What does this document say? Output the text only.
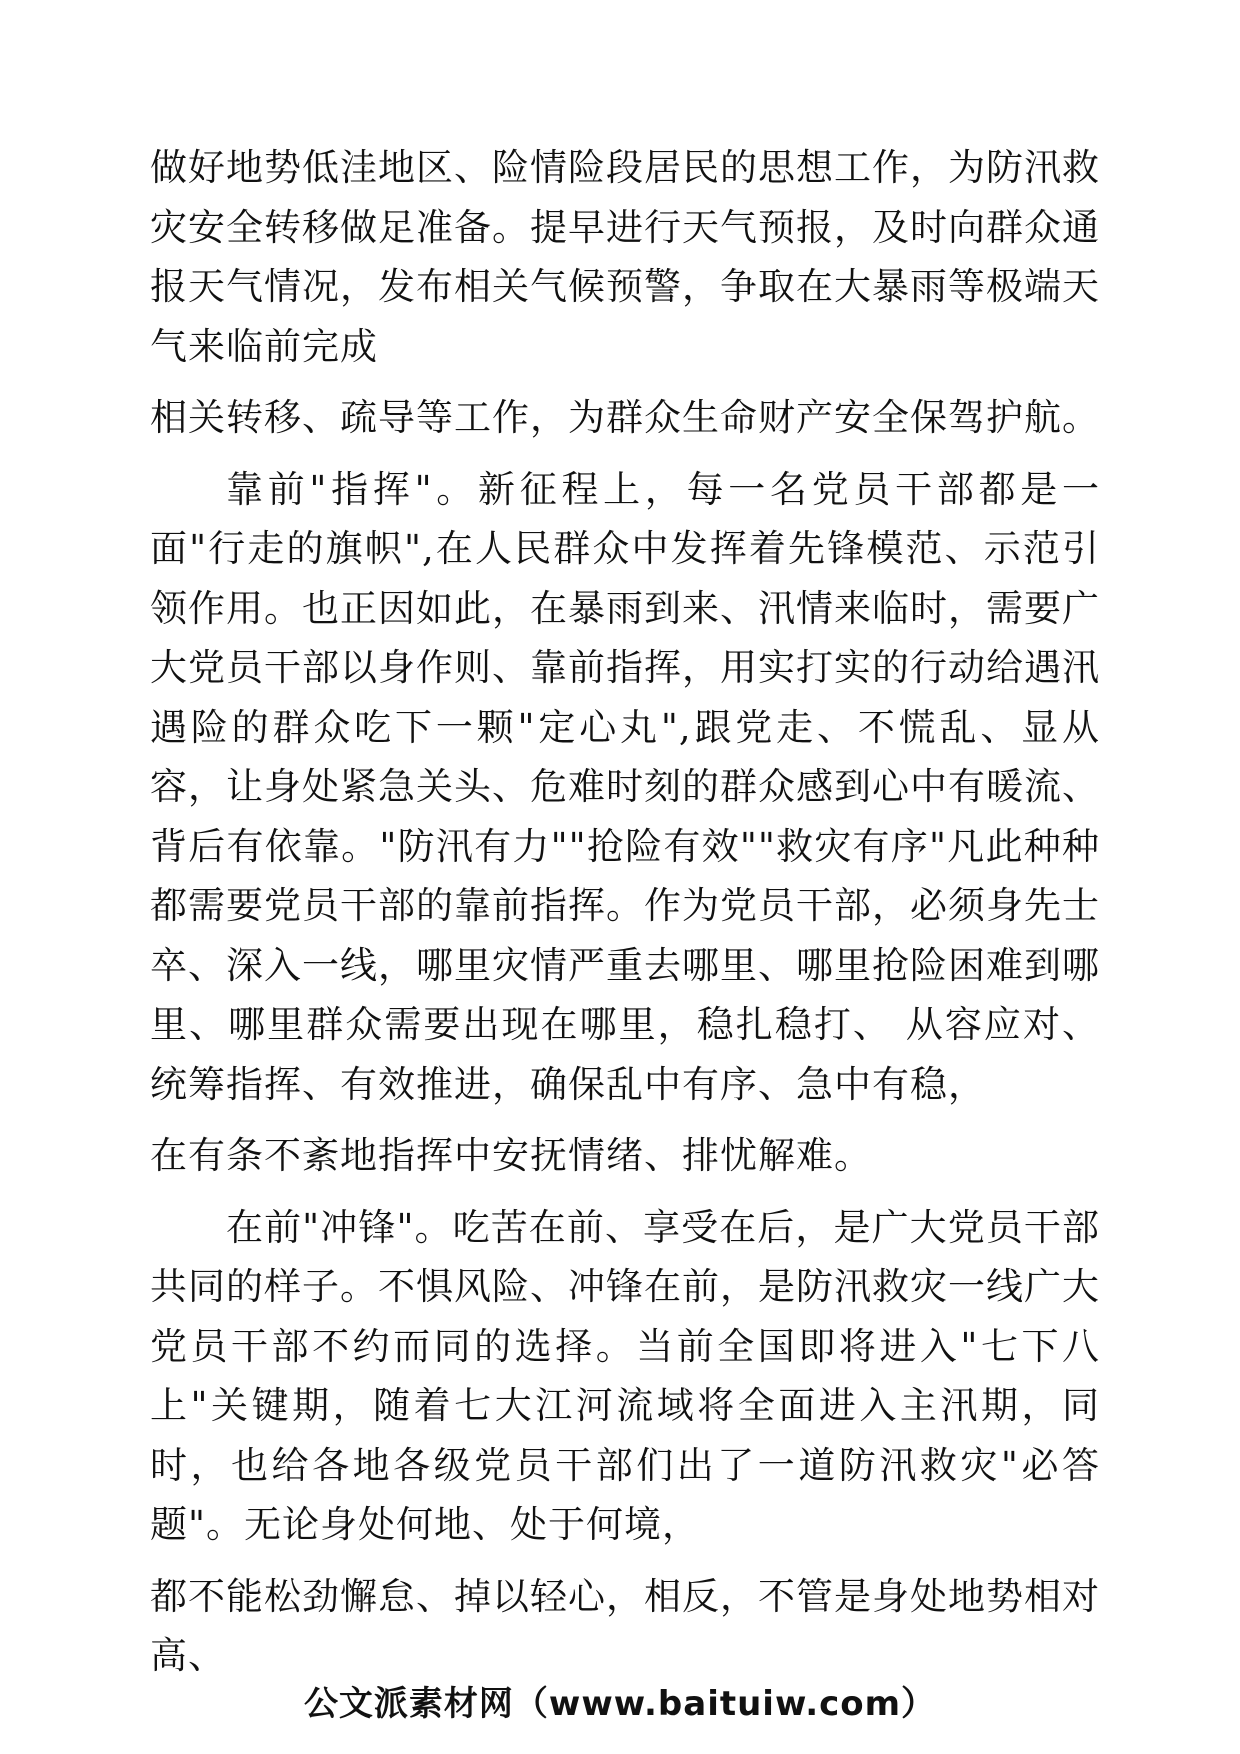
做好地势低洼地区、险情险段居民的思想工作，为防汛救灾安全转移做足准备。提早进行天气预报，及时向群众通报天气情况，发布相关气候预警，争取在大暴雨等极端天气来临前完成

相关转移、疏导等工作，为群众生命财产安全保驾护航。

靠前"指挥"。新征程上，每一名党员干部都是一面"行走的旗帜",在人民群众中发挥着先锋模范、示范引领作用。也正因如此，在暴雨到来、汛情来临时，需要广大党员干部以身作则、靠前指挥，用实打实的行动给遇汛遇险的群众吃下一颗"定心丸",跟党走、不慌乱、显从容，让身处紧急关头、危难时刻的群众感到心中有暖流、背后有依靠。"防汛有力""抢险有效""救灾有序"凡此种种都需要党员干部的靠前指挥。作为党员干部，必须身先士卒、深入一线，哪里灾情严重去哪里、哪里抢险困难到哪里、哪里群众需要出现在哪里，稳扎稳打、 从容应对、统筹指挥、有效推进，确保乱中有序、急中有稳，

在有条不紊地指挥中安抚情绪、排忧解难。

在前"冲锋"。吃苦在前、享受在后，是广大党员干部共同的样子。不惧风险、冲锋在前，是防汛救灾一线广大党员干部不约而同的选择。当前全国即将进入"七下八上"关键期，随着七大江河流域将全面进入主汛期，同时，也给各地各级党员干部们出了一道防汛救灾"必答题"。无论身处何地、处于何境，

都不能松劲懈怠、掉以轻心，相反，不管是身处地势相对高、

公文派素材网（www.baituiw.com）
